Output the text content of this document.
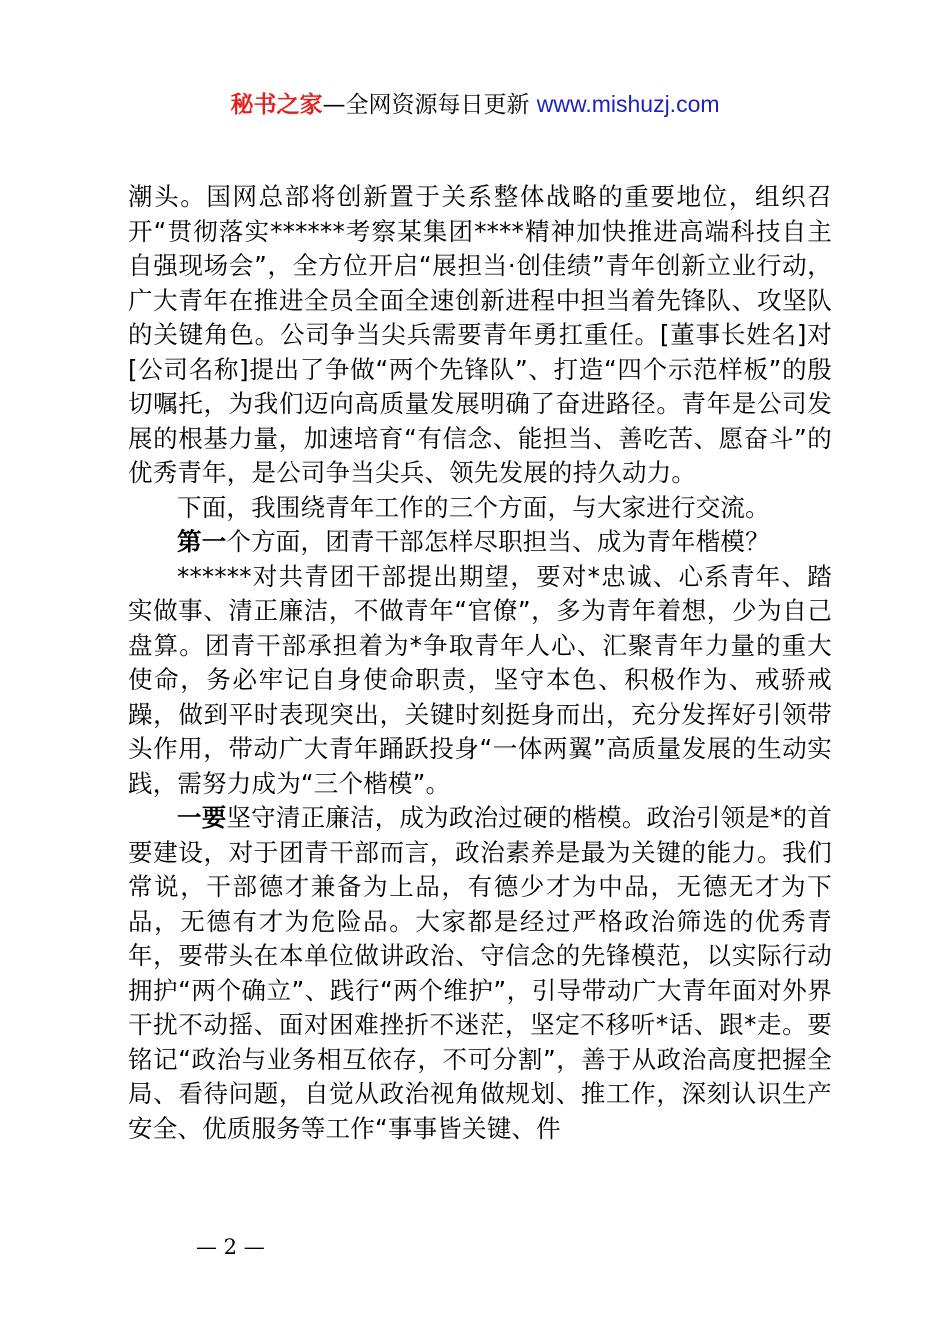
秘书之家—全网资源每日更新 www.mishuzj.com

潮头。国网总部将创新置于关系整体战略的重要地位，组织召开“贯彻落实******考察某集团****精神加快推进高端科技自主自强现场会”，全方位开启“展担当·创佳绩”青年创新立业行动，广大青年在推进全员全面全速创新进程中担当着先锋队、攻坚队的关键角色。公司争当尖兵需要青年勇扛重任。[董事长姓名]对[公司名称]提出了争做“两个先锋队”、打造“四个示范样板”的殷切嘱托，为我们迈向高质量发展明确了奋进路径。青年是公司发展的根基力量，加速培育“有信念、能担当、善吃苦、愿奋斗”的优秀青年，是公司争当尖兵、领先发展的持久动力。

下面，我围绕青年工作的三个方面，与大家进行交流。

第一个方面，团青干部怎样尽职担当、成为青年楷模？

******对共青团干部提出期望，要对*忠诚、心系青年、踏实做事、清正廉洁，不做青年“官僚”，多为青年着想，少为自己盘算。团青干部承担着为*争取青年人心、汇聚青年力量的重大使命，务必牢记自身使命职责，坚守本色、积极作为、戒骄戒躁，做到平时表现突出，关键时刻挺身而出，充分发挥好引领带头作用，带动广大青年踊跃投身“一体两翼”高质量发展的生动实践，需努力成为“三个楷模”。

一要坚守清正廉洁，成为政治过硬的楷模。政治引领是*的首要建设，对于团青干部而言，政治素养是最为关键的能力。我们常说，干部德才兼备为上品，有德少才为中品，无德无才为下品，无德有才为危险品。大家都是经过严格政治筛选的优秀青年，要带头在本单位做讲政治、守信念的先锋模范，以实际行动拥护“两个确立”、践行“两个维护”，引导带动广大青年面对外界干扰不动摇、面对困难挫折不迷茫，坚定不移听*话、跟*走。要铭记“政治与业务相互依存，不可分割”，善于从政治高度把握全局、看待问题，自觉从政治视角做规划、推工作，深刻认识生产安全、优质服务等工作“事事皆关键、件

— 2 —
